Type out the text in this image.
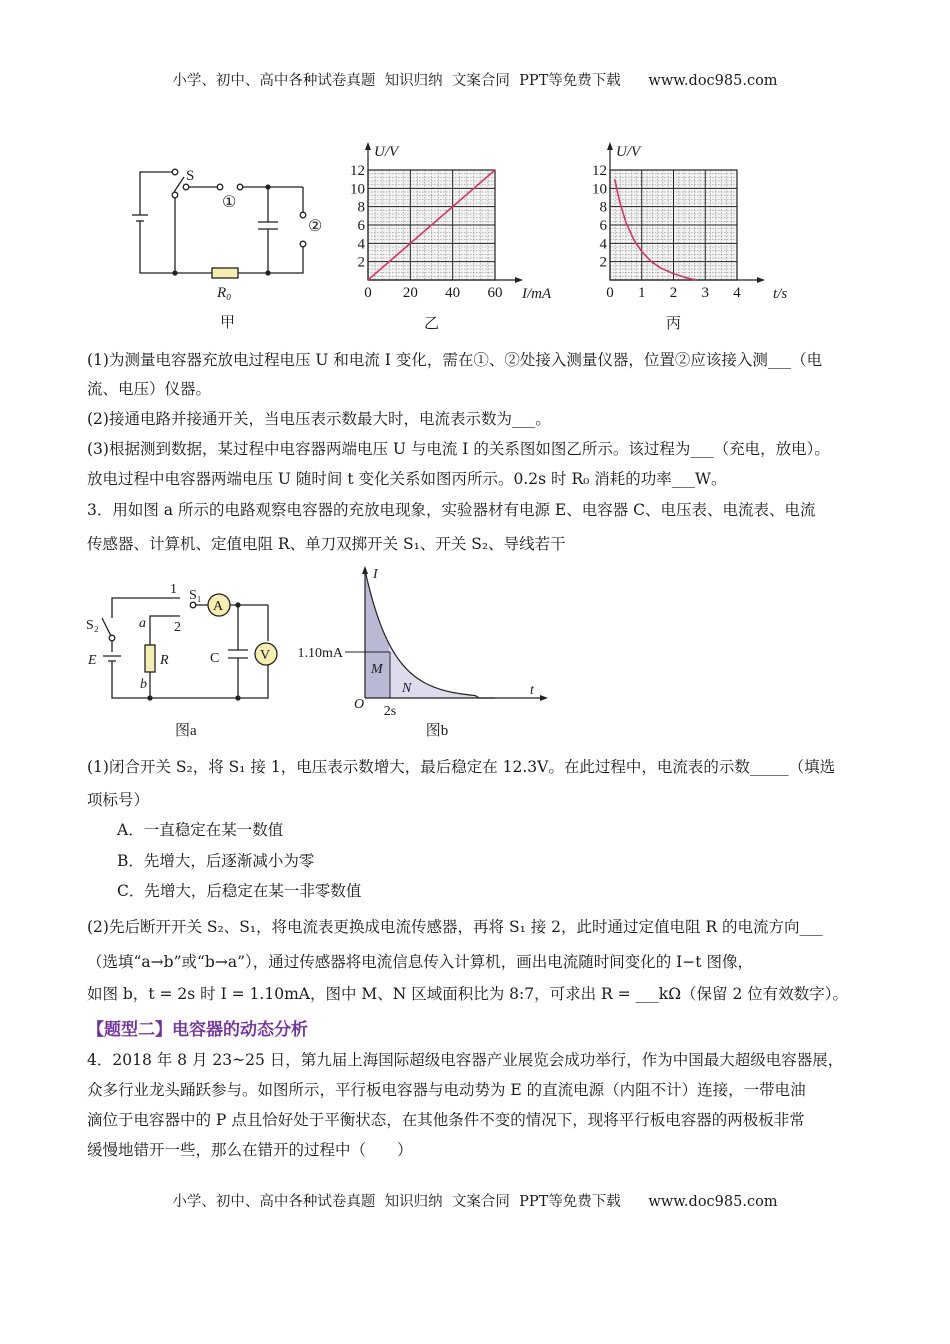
小学、初中、高中各种试卷真题  知识归纳  文案合同  PPT等免费下载      www.doc985.com
S
①
②
R₀
甲
0 20 40 60
2
4
6
8
10
12
U/V
I/mA
乙
0 1 2 3 4
2
4
6
8
10
12
U/V
t/s
丙
A
V
S₁
S₂
E	R	C
a
b
1
2
图a
1.10mA
2s
O
I
t
M
N
图b
(1)为测量电容器充放电过程电压 U 和电流 I 变化，需在①、②处接入测量仪器，位置②应该接入测___（电
流、电压）仪器。
(2)接通电路并接通开关，当电压表示数最大时，电流表示数为___。
(3)根据测到数据，某过程中电容器两端电压 U 与电流 I 的关系图如图乙所示。该过程为___（充电，放电）。
放电过程中电容器两端电压 U 随时间 t 变化关系如图丙所示。0.2s 时 R₀ 消耗的功率___W。
3．用如图 a 所示的电路观察电容器的充放电现象，实验器材有电源 E、电容器 C、电压表、电流表、电流
传感器、计算机、定值电阻 R、单刀双掷开关 S₁、开关 S₂、导线若干
(1)闭合开关 S₂，将 S₁ 接 1，电压表示数增大，最后稳定在 12.3V。在此过程中，电流表的示数_____（填选
项标号）
(2)先后断开开关 S₂、S₁，将电流表更换成电流传感器，再将 S₁ 接 2，此时通过定值电阻 R 的电流方向___
（选填“a→b”或“b→a”），通过传感器将电流信息传入计算机，画出电流随时间变化的 I−t 图像，
如图 b，t = 2s 时 I = 1.10mA，图中 M、N 区域面积比为 8:7，可求出 R = ___kΩ（保留 2 位有效数字）。
4．2018 年 8 月 23~25 日，第九届上海国际超级电容器产业展览会成功举行，作为中国最大超级电容器展，
众多行业龙头踊跃参与。如图所示，平行板电容器与电动势为 E 的直流电源（内阻不计）连接，一带电油
滴位于电容器中的 P 点且恰好处于平衡状态，在其他条件不变的情况下，现将平行板电容器的两极板非常
缓慢地错开一些，那么在错开的过程中（　　）
A．一直稳定在某一数值
B．先增大，后逐渐减小为零
C．先增大，后稳定在某一非零数值
【题型二】电容器的动态分析
小学、初中、高中各种试卷真题  知识归纳  文案合同  PPT等免费下载      www.doc985.com
